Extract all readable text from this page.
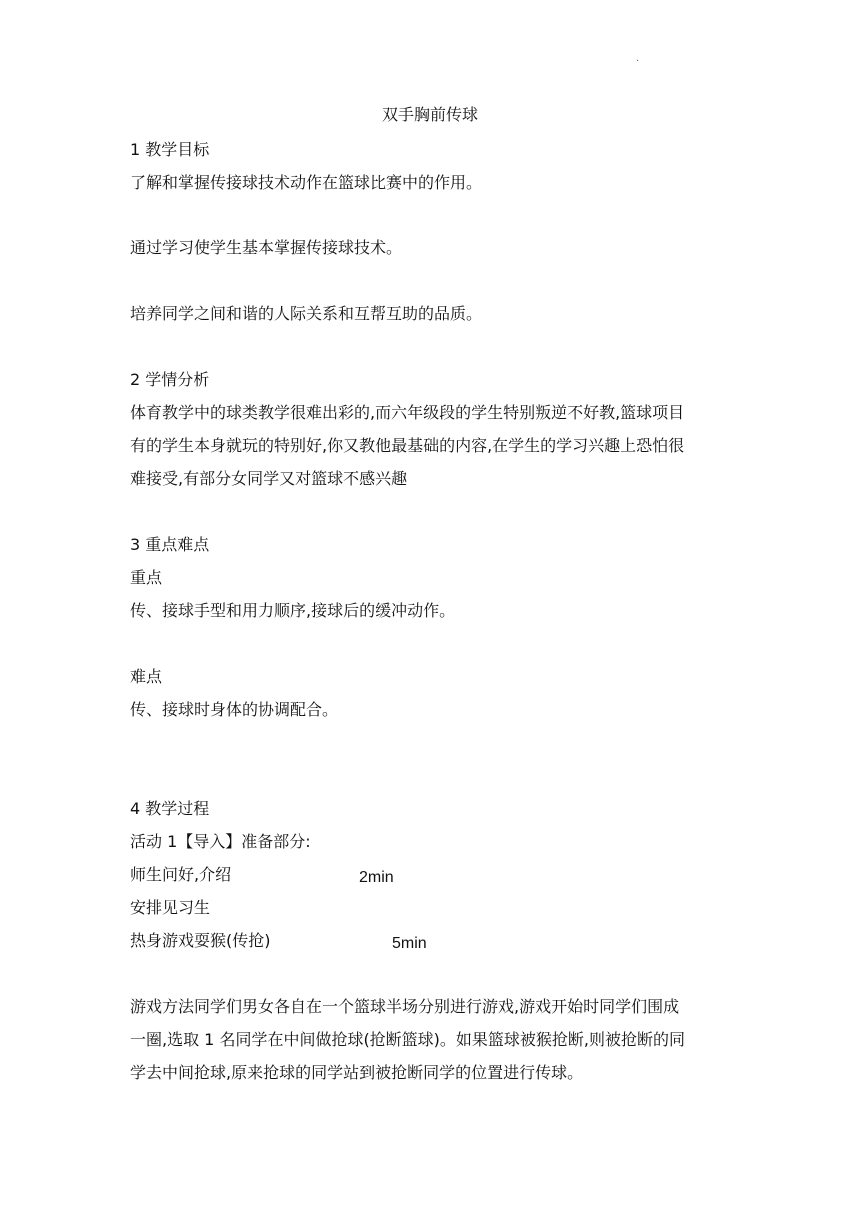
·
双手胸前传球
1 教学目标
了解和掌握传接球技术动作在篮球比赛中的作用。
通过学习使学生基本掌握传接球技术。
培养同学之间和谐的人际关系和互帮互助的品质。
2 学情分析
体育教学中的球类教学很难出彩的,而六年级段的学生特别叛逆不好教,篮球项目
有的学生本身就玩的特别好,你又教他最基础的内容,在学生的学习兴趣上恐怕很
难接受,有部分女同学又对篮球不感兴趣
3 重点难点
重点
传、接球手型和用力顺序,接球后的缓冲动作。
难点
传、接球时身体的协调配合。
4 教学过程
活动 1【导入】准备部分:
师生问好,介绍	2min
安排见习生
热身游戏耍猴(传抢)	5min
游戏方法同学们男女各自在一个篮球半场分别进行游戏,游戏开始时同学们围成
一圈,选取 1 名同学在中间做抢球(抢断篮球)。如果篮球被猴抢断,则被抢断的同
学去中间抢球,原来抢球的同学站到被抢断同学的位置进行传球。
